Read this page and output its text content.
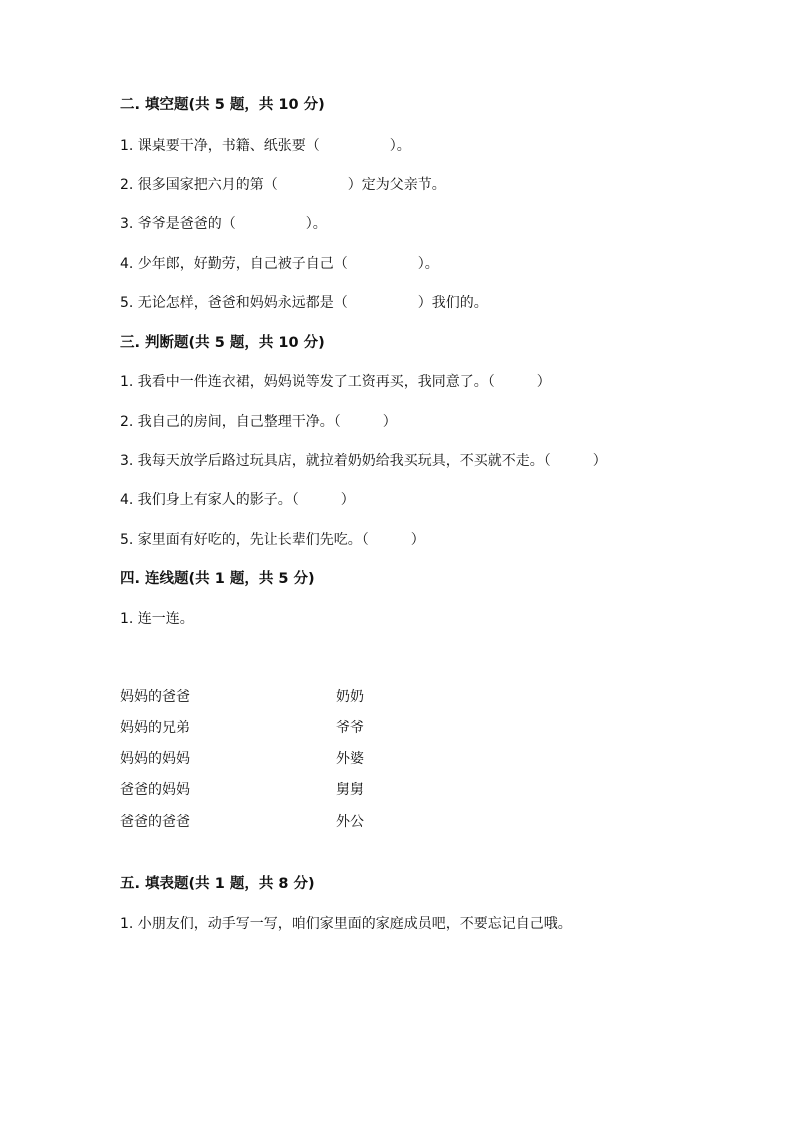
二. 填空题(共 5 题，共 10 分)
1. 课桌要干净，书籍、纸张要（　　　　　）。
2. 很多国家把六月的第（　　　　　）定为父亲节。
3. 爷爷是爸爸的（　　　　　）。
4. 少年郎，好勤劳，自己被子自己（　　　　　）。
5. 无论怎样，爸爸和妈妈永远都是（　　　　　）我们的。
三. 判断题(共 5 题，共 10 分)
1. 我看中一件连衣裙，妈妈说等发了工资再买，我同意了。（　　　）
2. 我自己的房间，自己整理干净。（　　　）
3. 我每天放学后路过玩具店，就拉着奶奶给我买玩具，不买就不走。（　　　）
4. 我们身上有家人的影子。（　　　）
5. 家里面有好吃的，先让长辈们先吃。（　　　）
四. 连线题(共 1 题，共 5 分)
1. 连一连。
妈妈的爸爸
妈妈的兄弟
妈妈的妈妈
爸爸的妈妈
爸爸的爸爸
奶奶
爷爷
外婆
舅舅
外公
五. 填表题(共 1 题，共 8 分)
1. 小朋友们，动手写一写，咱们家里面的家庭成员吧，不要忘记自己哦。
